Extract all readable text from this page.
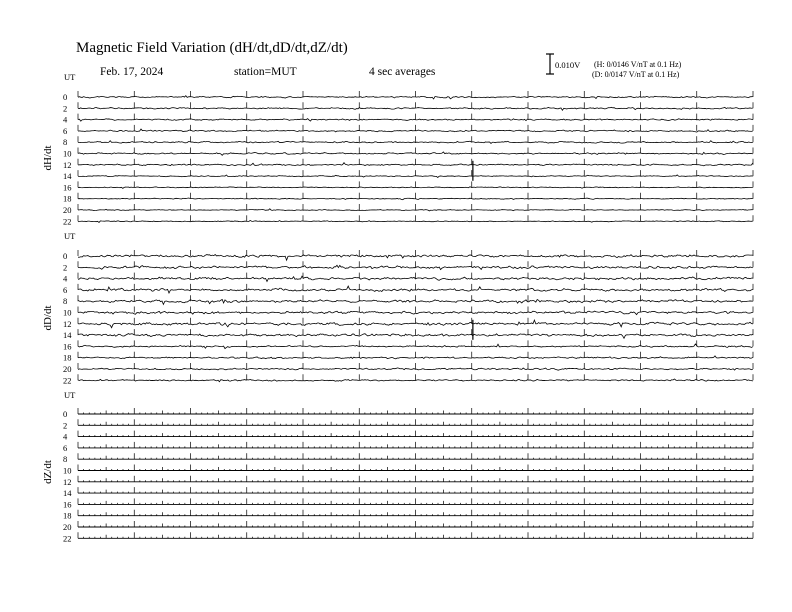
Magnetic Field Variation (dH/dt,dD/dt,dZ/dt)
Feb. 17, 2024	station=MUT	4 sec averages
0.010V (H: 0/0146 V/nT at 0.1 Hz)
(D: 0/0147 V/nT at 0.1 Hz)
UT
dH/dt
0
2
4
6
8
10
12
14
16
18
20
22
UT
dD/dt
0
2
4
6
8
10
12
14
16
18
20
22
UT
dZ/dt
0
2
4
6
8
10
12
14
16
18
20
22
